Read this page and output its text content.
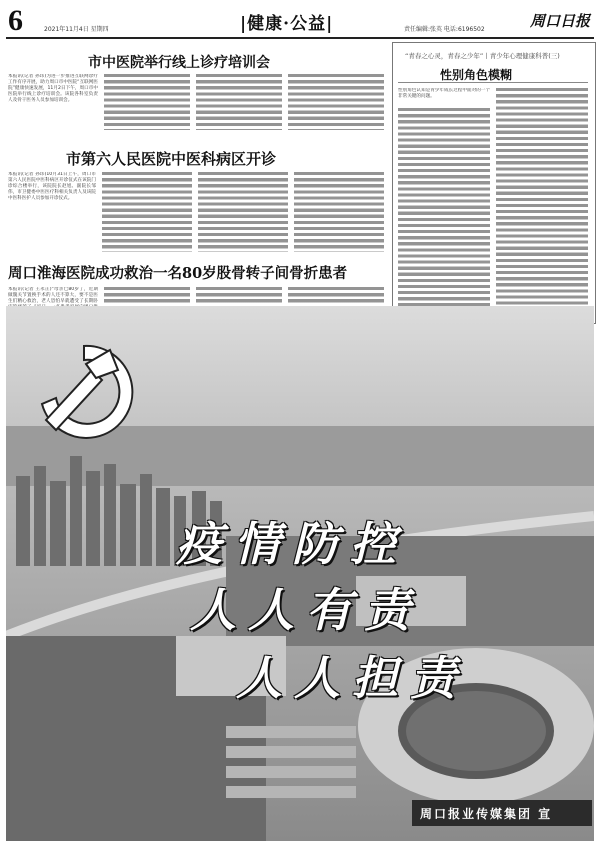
6	2021年11月4日 星期四	|健康·公益|	责任编辑:张英 电话:6196502	周口日报
市中医院举行线上诊疗培训会
本报讯(记者 孙玮)为进一步推进互联网诊疗工作有序开展，助力周口市中医院“互联网医院”健康快速发展，11月2日下午，周口市中医院举行线上诊疗培训会。该院各科室负责人及骨干医务人员参加培训会。
市第六人民医院中医科病区开诊
本报讯(记者 孙玮)10月31日上午，周口市第六人民医院中医科病区开诊仪式在该院门诊综合楼举行，该院院长赵旭、副院长邹伟，市卫健委中医医疗科相关负责人及该院中医科医护人员参加开诊仪式。
周口淮海医院成功救治一名80岁股骨转子间骨折患者
本报讯(记者 王永正)“母亲已80岁了，近期做髋关节置换手术的人还不算大，要不是医生们精心救治，老人恐怕早就遭受了长期卧
“青春之心灵，青春之少年”丨青少年心理健康科普(三)
性别角色模糊
性别角色认知是青少年成长过程中面对的一个非常关键的问题。
疫情防控
人人有责
人人担责
周口报业传媒集团 宣
